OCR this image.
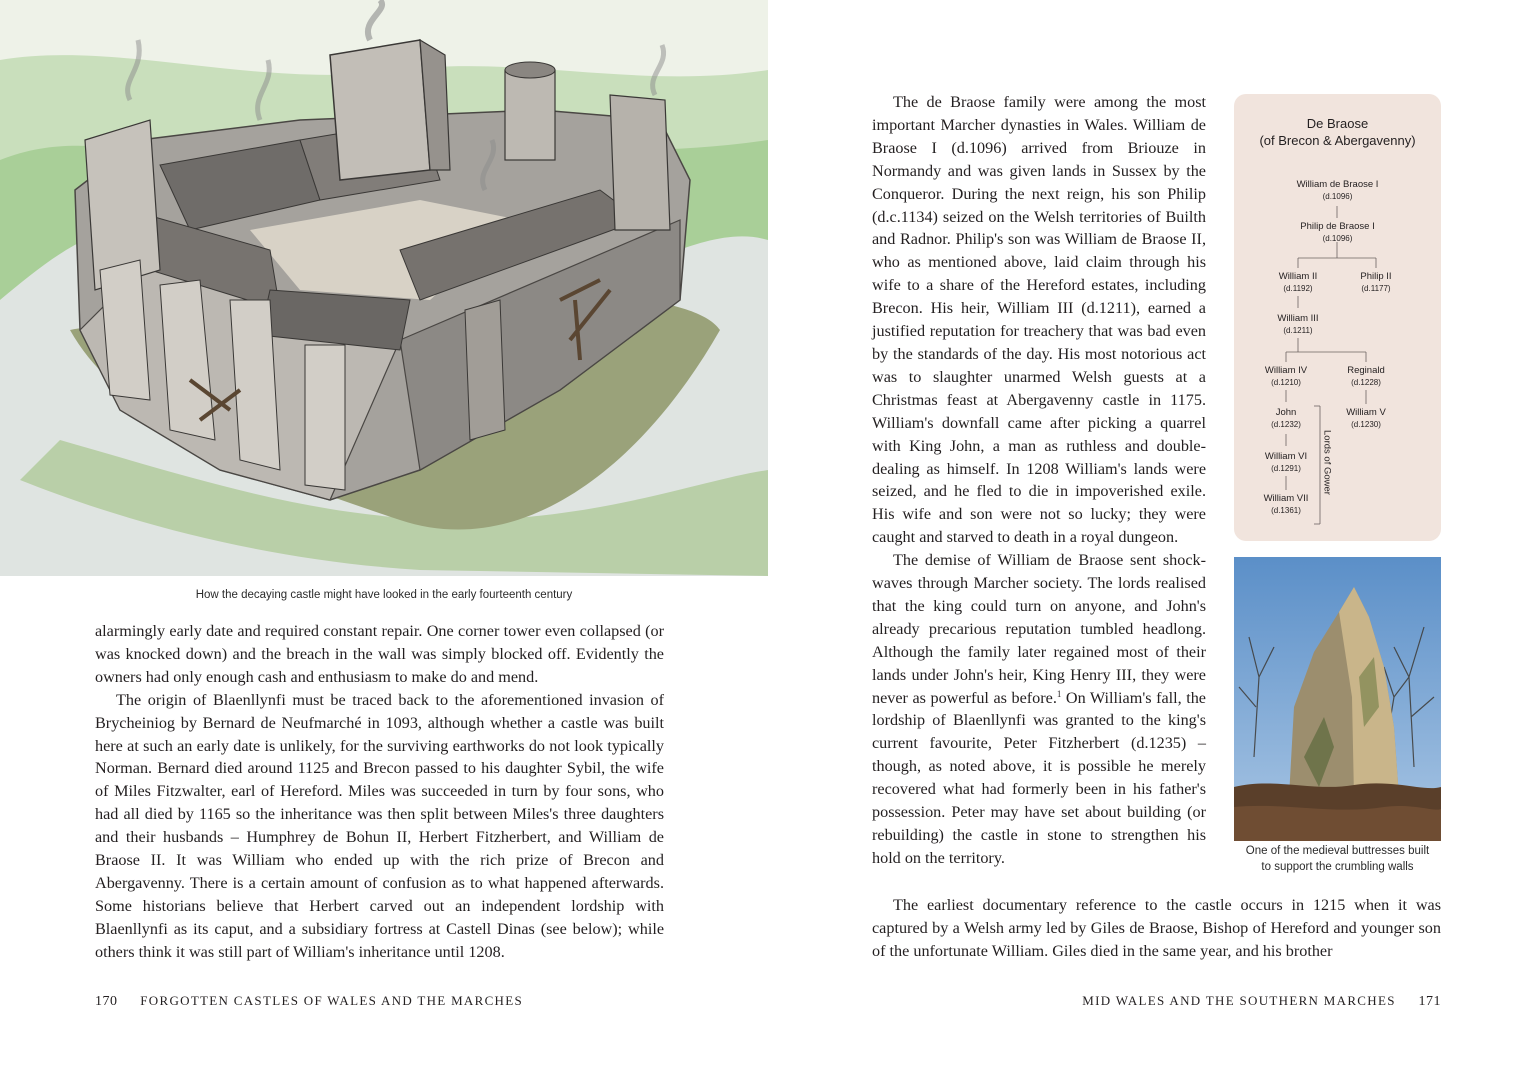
How the decaying castle might have looked in the early fourteenth century

alarmingly early date and required constant repair. One corner tower even collapsed (or was knocked down) and the breach in the wall was simply blocked off. Evidently the owners had only enough cash and enthusiasm to make do and mend.

The origin of Blaenllynfi must be traced back to the aforementioned invasion of Brycheiniog by Bernard de Neufmarché in 1093, although whether a castle was built here at such an early date is unlikely, for the surviving earthworks do not look typically Norman. Bernard died around 1125 and Brecon passed to his daughter Sybil, the wife of Miles Fitzwalter, earl of Hereford. Miles was succeeded in turn by four sons, who had all died by 1165 so the inheritance was then split between Miles's three daughters and their husbands – Humphrey de Bohun II, Herbert Fitzherbert, and William de Braose II. It was William who ended up with the rich prize of Brecon and Abergavenny. There is a certain amount of confusion as to what happened afterwards. Some historians believe that Herbert carved out an independent lordship with Blaenllynfi as its caput, and a subsidiary fortress at Castell Dinas (see below); while others think it was still part of William's inheritance until 1208.

170 FORGOTTEN CASTLES OF WALES AND THE MARCHES

The de Braose family were among the most important Marcher dynasties in Wales. William de Braose I (d.1096) arrived from Briouze in Normandy and was given lands in Sussex by the Conqueror. During the next reign, his son Philip (d.c.1134) seized on the Welsh territories of Builth and Radnor. Philip's son was William de Braose II, who as mentioned above, laid claim through his wife to a share of the Hereford estates, including Brecon. His heir, William III (d.1211), earned a justified reputation for treachery that was bad even by the standards of the day. His most notorious act was to slaughter unarmed Welsh guests at a Christmas feast at Abergavenny castle in 1175. William's downfall came after picking a quarrel with King John, a man as ruthless and double-dealing as himself. In 1208 William's lands were seized, and he fled to die in impoverished exile. His wife and son were not so lucky; they were caught and starved to death in a royal dungeon.

The demise of William de Braose sent shock-waves through Marcher society. The lords realised that the king could turn on anyone, and John's already precarious reputation tumbled headlong. Although the family later regained most of their lands under John's heir, King Henry III, they were never as powerful as before.$^1$ On William's fall, the lordship of Blaenllynfi was granted to the king's current favourite, Peter Fitzherbert (d.1235) – though, as noted above, it is possible he merely recovered what had formerly been in his father's possession. Peter may have set about building (or rebuilding) the castle in stone to strengthen his hold on the territory.

The earliest documentary reference to the castle occurs in 1215 when it was captured by a Welsh army led by Giles de Braose, Bishop of Hereford and younger son of the unfortunate William. Giles died in the same year, and his brother

De Braose
(of Brecon & Abergavenny)
William de Braose I
(d.1096)
Philip de Braose I
(d.1096)
William II
(d.1192)
Philip II
(d.1177)
William III
(d.1211)
William IV
(d.1210)
Reginald
(d.1228)
John
(d.1232)
William V
(d.1230)
William VI
(d.1291)
William VII
(d.1361)
Lords of Gower
One of the medieval buttresses built
to support the crumbling walls
MID WALES AND THE SOUTHERN MARCHES 171
